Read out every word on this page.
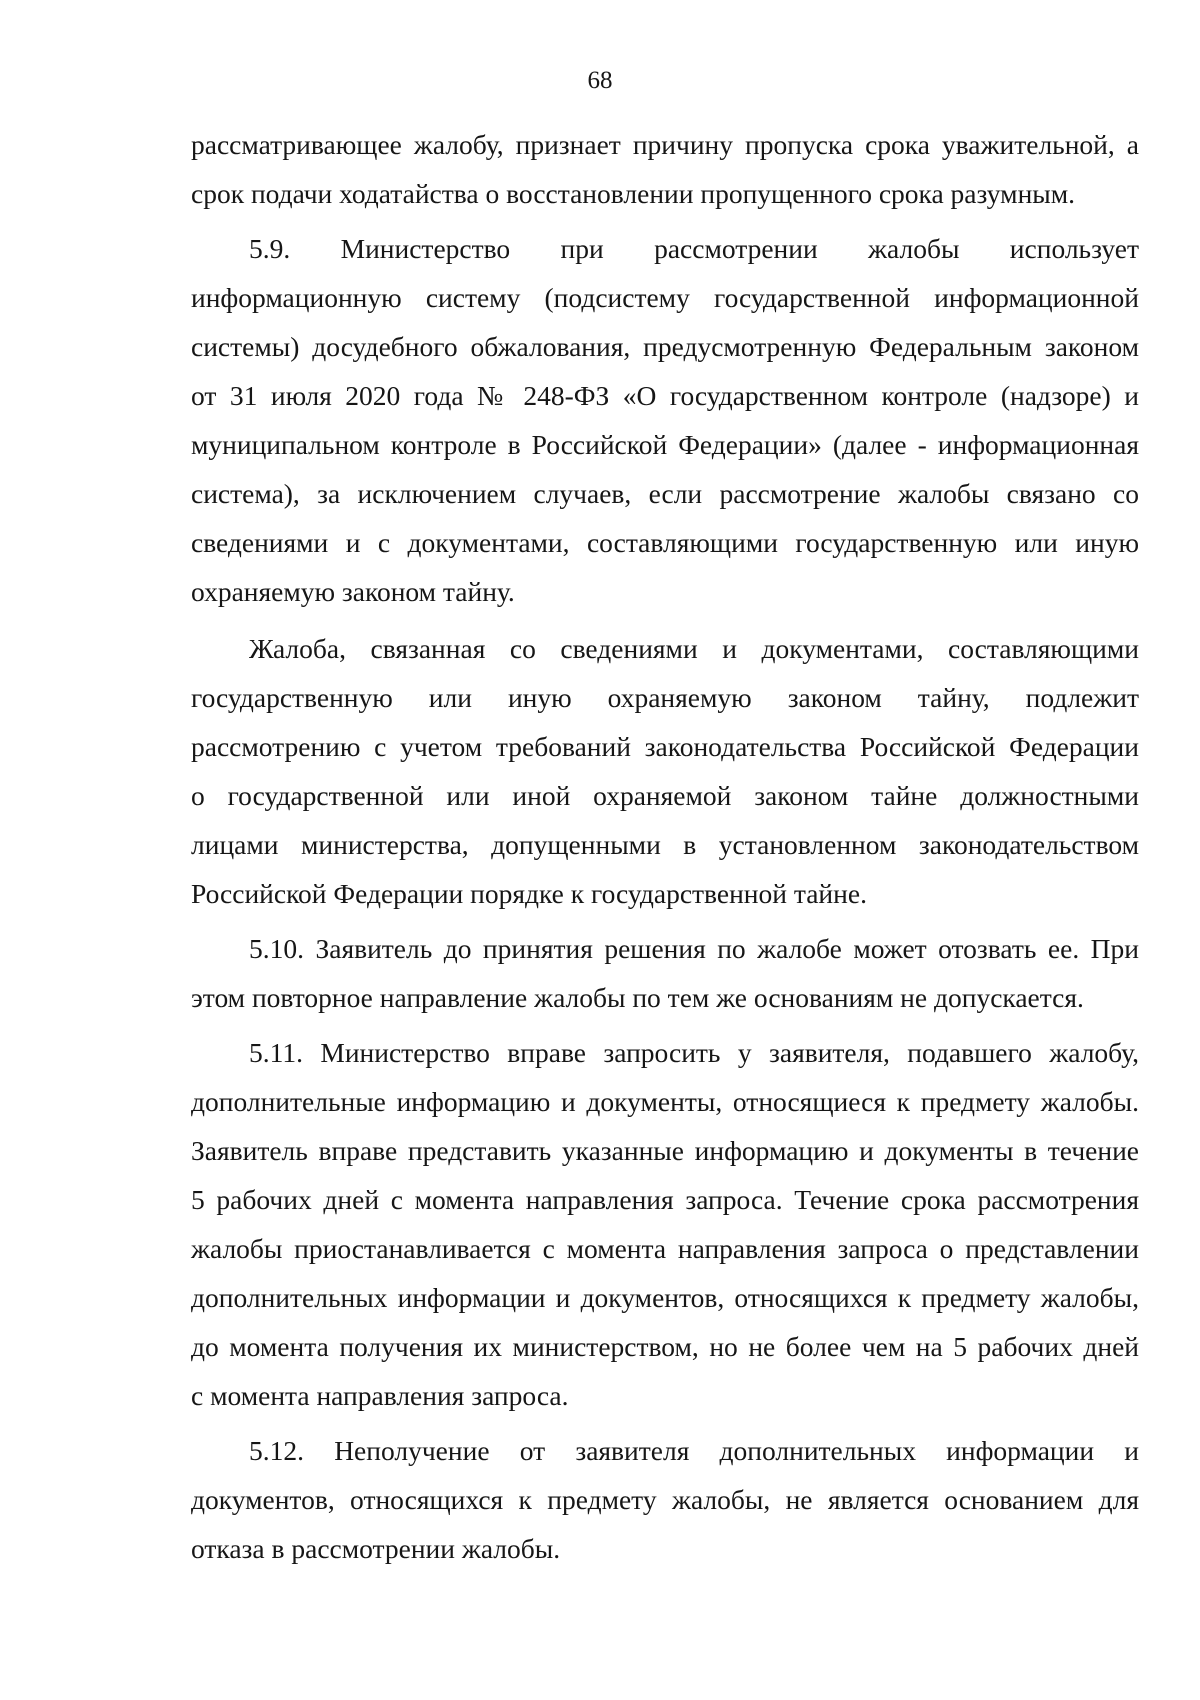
68
рассматривающее жалобу, признает причину пропуска срока уважительной, а
срок подачи ходатайства о восстановлении пропущенного срока разумным.
5.9. Министерство при рассмотрении жалобы использует
информационную систему (подсистему государственной информационной
системы) досудебного обжалования, предусмотренную Федеральным законом
от 31 июля 2020 года № 248-ФЗ «О государственном контроле (надзоре) и
муниципальном контроле в Российской Федерации» (далее - информационная
система), за исключением случаев, если рассмотрение жалобы связано со
сведениями и с документами, составляющими государственную или иную
охраняемую законом тайну.
Жалоба, связанная со сведениями и документами, составляющими
государственную или иную охраняемую законом тайну, подлежит
рассмотрению с учетом требований законодательства Российской Федерации
о государственной или иной охраняемой законом тайне должностными
лицами министерства, допущенными в установленном законодательством
Российской Федерации порядке к государственной тайне.
5.10. Заявитель до принятия решения по жалобе может отозвать ее. При
этом повторное направление жалобы по тем же основаниям не допускается.
5.11. Министерство вправе запросить у заявителя, подавшего жалобу,
дополнительные информацию и документы, относящиеся к предмету жалобы.
Заявитель вправе представить указанные информацию и документы в течение
5 рабочих дней с момента направления запроса. Течение срока рассмотрения
жалобы приостанавливается с момента направления запроса о представлении
дополнительных информации и документов, относящихся к предмету жалобы,
до момента получения их министерством, но не более чем на 5 рабочих дней
с момента направления запроса.
5.12. Неполучение от заявителя дополнительных информации и
документов, относящихся к предмету жалобы, не является основанием для
отказа в рассмотрении жалобы.
